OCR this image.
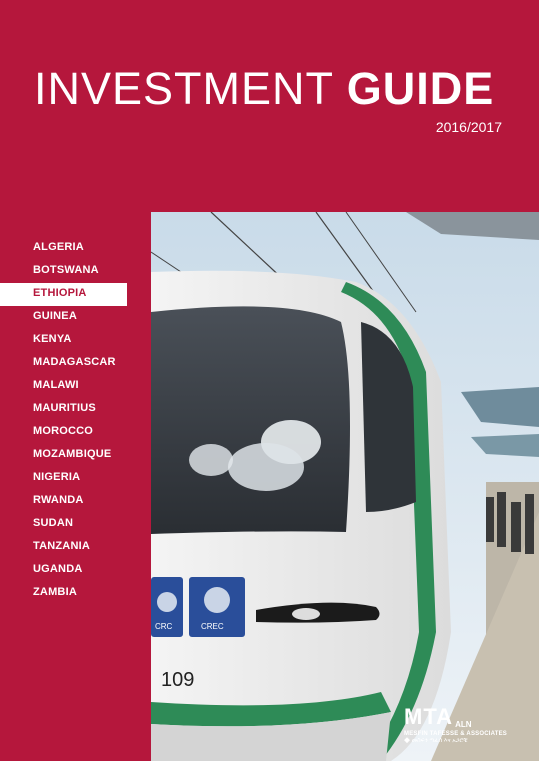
INVESTMENT GUIDE
2016/2017
ALGERIA
BOTSWANA
ETHIOPIA
GUINEA
KENYA
MADAGASCAR
MALAWI
MAURITIUS
MOROCCO
MOZAMBIQUE
NIGERIA
RWANDA
SUDAN
TANZANIA
UGANDA
ZAMBIA
CRC	CREC
109
MTA ALN
MESFIN TAFESSE & ASSOCIATES
◆ መስፍን ጣፈሰ እና አጋሮቹ
